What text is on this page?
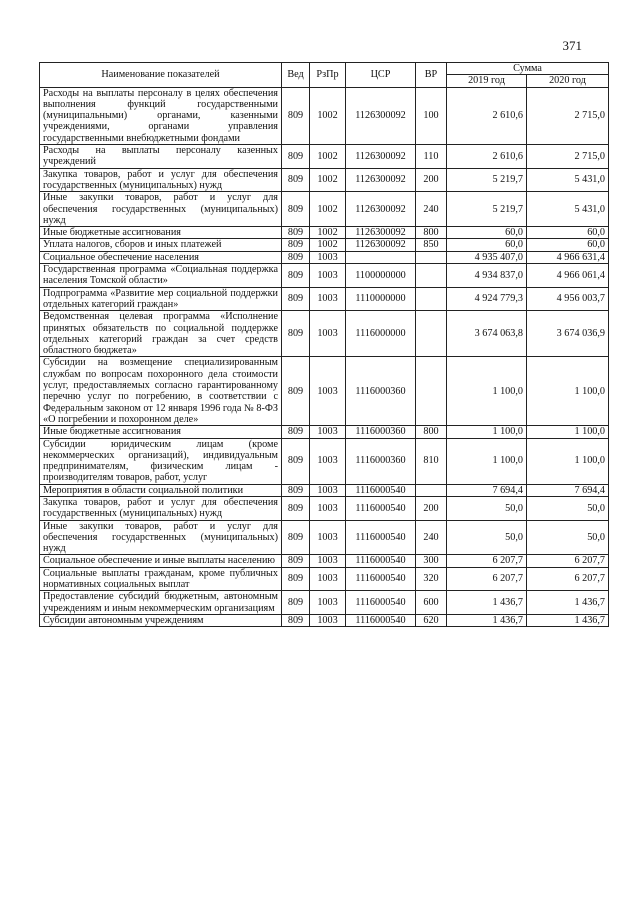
371
Наименование показателей	Вед	РзПр	ЦСР	ВР	Сумма	
					2019 год	2020 год
Расходы на выплаты персоналу в целях обеспечения выполнения функций государственными (муниципальными) органами, казенными учреждениями, органами управления государственными внебюджетными фондами	809	1002	1126300092	100	2 610,6	2 715,0
Расходы на выплаты персоналу казенных учреждений	809	1002	1126300092	110	2 610,6	2 715,0
Закупка товаров, работ и услуг для обеспечения государственных (муниципальных) нужд	809	1002	1126300092	200	5 219,7	5 431,0
Иные закупки товаров, работ и услуг для обеспечения государственных (муниципальных) нужд	809	1002	1126300092	240	5 219,7	5 431,0
Иные бюджетные ассигнования	809	1002	1126300092	800	60,0	60,0
Уплата налогов, сборов и иных платежей	809	1002	1126300092	850	60,0	60,0
Социальное обеспечение населения	809	1003			4 935 407,0	4 966 631,4
Государственная программа «Социальная поддержка населения Томской области»	809	1003	1100000000		4 934 837,0	4 966 061,4
Подпрограмма «Развитие мер социальной поддержки отдельных категорий граждан»	809	1003	1110000000		4 924 779,3	4 956 003,7
Ведомственная целевая программа «Исполнение принятых обязательств по социальной поддержке отдельных категорий граждан за счет средств областного бюджета»	809	1003	1116000000		3 674 063,8	3 674 036,9
Субсидии на возмещение специализированным службам по вопросам похоронного дела стоимости услуг, предоставляемых согласно гарантированному перечню услуг по погребению, в соответствии с Федеральным законом от 12 января 1996 года № 8-ФЗ «О погребении и похоронном деле»	809	1003	1116000360		1 100,0	1 100,0
Иные бюджетные ассигнования	809	1003	1116000360	800	1 100,0	1 100,0
Субсидии юридическим лицам (кроме некоммерческих организаций), индивидуальным предпринимателям, физическим лицам - производителям товаров, работ, услуг	809	1003	1116000360	810	1 100,0	1 100,0
Мероприятия в области социальной политики	809	1003	1116000540		7 694,4	7 694,4
Закупка товаров, работ и услуг для обеспечения государственных (муниципальных) нужд	809	1003	1116000540	200	50,0	50,0
Иные закупки товаров, работ и услуг для обеспечения государственных (муниципальных) нужд	809	1003	1116000540	240	50,0	50,0
Социальное обеспечение и иные выплаты населению	809	1003	1116000540	300	6 207,7	6 207,7
Социальные выплаты гражданам, кроме публичных нормативных социальных выплат	809	1003	1116000540	320	6 207,7	6 207,7
Предоставление субсидий бюджетным, автономным учреждениям и иным некоммерческим организациям	809	1003	1116000540	600	1 436,7	1 436,7
Субсидии автономным учреждениям	809	1003	1116000540	620	1 436,7	1 436,7
